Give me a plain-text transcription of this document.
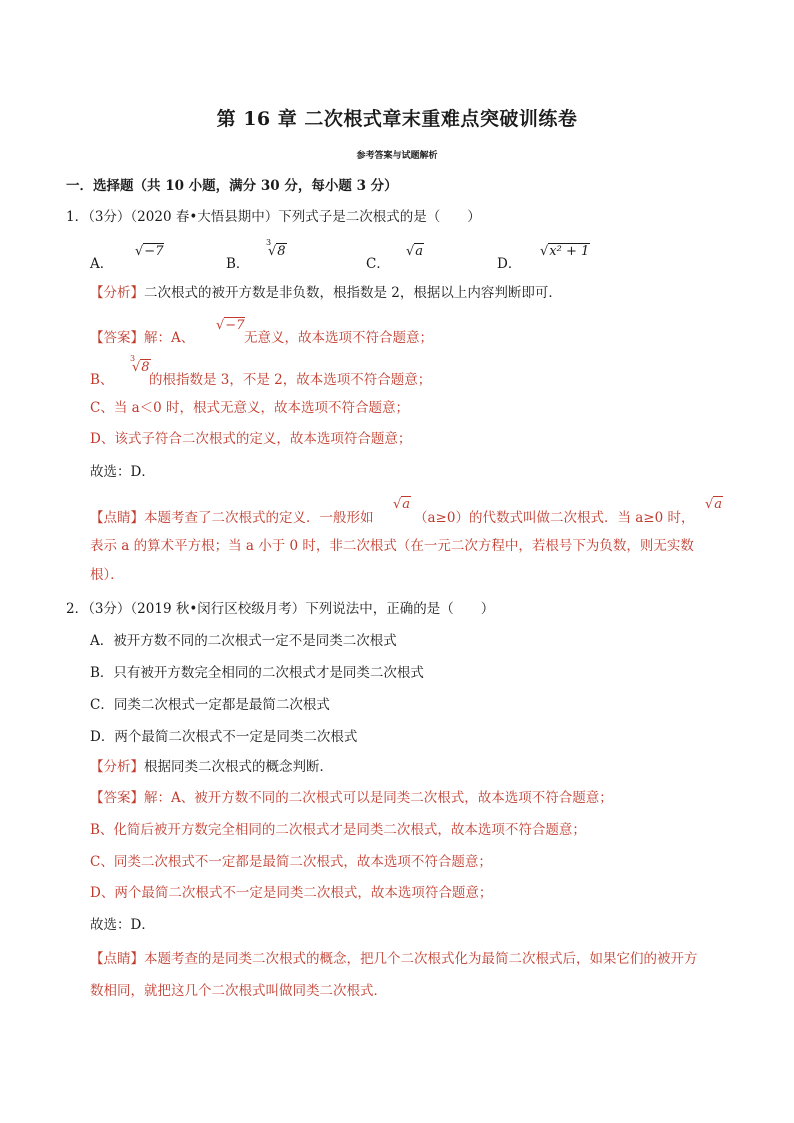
第 16 章 二次根式章末重难点突破训练卷
参考答案与试题解析
一．选择题（共 10 小题，满分 30 分，每小题 3 分）
1．（3分）（2020 春•大悟县期中）下列式子是二次根式的是（　　）
A．
√−7
B．
3
√8
C．
√a
D．
√x² + 1
【分析】二次根式的被开方数是非负数，根指数是 2，根据以上内容判断即可．
【答案】解：A、
√−7
无意义，故本选项不符合题意；
B、
3
√8
的根指数是 3，不是 2，故本选项不符合题意；
C、当 a＜0 时，根式无意义，故本选项不符合题意；
D、该式子符合二次根式的定义，故本选项符合题意；
故选：D．
【点睛】本题考查了二次根式的定义．一般形如
√a
（a≥0）的代数式叫做二次根式．当 a≥0 时，
√a
表示 a 的算术平方根；当 a 小于 0 时，非二次根式（在一元二次方程中，若根号下为负数，则无实数
根）．
2．（3分）（2019 秋•闵行区校级月考）下列说法中，正确的是（　　）
A．被开方数不同的二次根式一定不是同类二次根式
B．只有被开方数完全相同的二次根式才是同类二次根式
C．同类二次根式一定都是最简二次根式
D．两个最简二次根式不一定是同类二次根式
【分析】根据同类二次根式的概念判断．
【答案】解：A、被开方数不同的二次根式可以是同类二次根式，故本选项不符合题意；
B、化简后被开方数完全相同的二次根式才是同类二次根式，故本选项不符合题意；
C、同类二次根式不一定都是最简二次根式，故本选项不符合题意；
D、两个最简二次根式不一定是同类二次根式，故本选项符合题意；
故选：D．
【点睛】本题考查的是同类二次根式的概念，把几个二次根式化为最简二次根式后，如果它们的被开方
数相同，就把这几个二次根式叫做同类二次根式．
